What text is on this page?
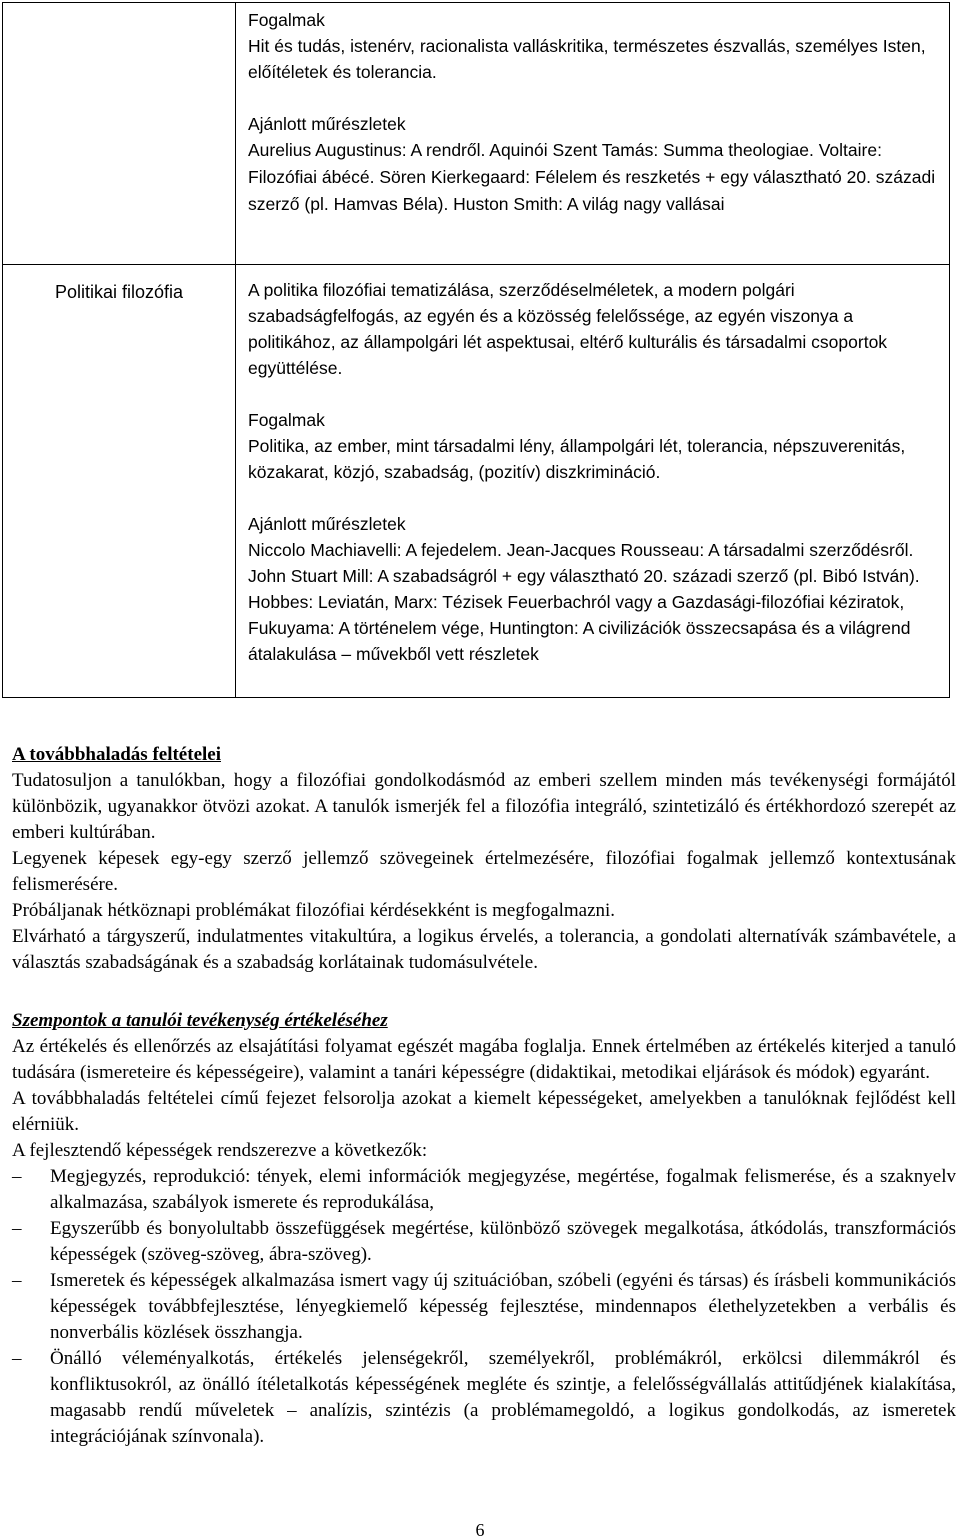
	Fogalmak
Hit és tudás, istenérv, racionalista valláskritika, természetes észvallás, személyes Isten, előítéletek és tolerancia.
Ajánlott műrészletek
Aurelius Augustinus: A rendről. Aquinói Szent Tamás: Summa theologiae. Voltaire: Filozófiai ábécé. Sören Kierkegaard: Félelem és reszketés + egy választható 20. századi szerző (pl. Hamvas Béla). Huston Smith: A világ nagy vallásai

Politikai filozófia	A politika filozófiai tematizálása, szerződéselméletek, a modern polgári szabadságfelfogás, az egyén és a közösség felelőssége, az egyén viszonya a politikához, az állampolgári lét aspektusai, eltérő kulturális és társadalmi csoportok együttélése.
Fogalmak
Politika, az ember, mint társadalmi lény, állampolgári lét, tolerancia, népszuverenitás, közakarat, közjó, szabadság, (pozitív) diszkrimináció.
Ajánlott műrészletek
Niccolo Machiavelli: A fejedelem. Jean-Jacques Rousseau: A társadalmi szerződésről. John Stuart Mill: A szabadságról + egy választható 20. századi szerző (pl. Bibó István). Hobbes: Leviatán, Marx: Tézisek Feuerbachról vagy a Gazdasági-filozófiai kéziratok, Fukuyama: A történelem vége, Huntington: A civilizációk összecsapása és a világrend átalakulása – művekből vett részletek
A továbbhaladás feltételei

Tudatosuljon a tanulókban, hogy a filozófiai gondolkodásmód az emberi szellem minden más tevékenységi formájától különbözik, ugyanakkor ötvözi azokat. A tanulók ismerjék fel a filozófia integráló, szintetizáló és értékhordozó szerepét az emberi kultúrában.

Legyenek képesek egy-egy szerző jellemző szövegeinek értelmezésére, filozófiai fogalmak jellemző kontextusának felismerésére.

Próbáljanak hétköznapi problémákat filozófiai kérdésekként is megfogalmazni.

Elvárható a tárgyszerű, indulatmentes vitakultúra, a logikus érvelés, a tolerancia, a gondolati alternatívák számbavétele, a választás szabadságának és a szabadság korlátainak tudomásulvétele.

Szempontok a tanulói tevékenység értékeléséhez

Az értékelés és ellenőrzés az elsajátítási folyamat egészét magába foglalja. Ennek értelmében az értékelés kiterjed a tanuló tudására (ismereteire és képességeire), valamint a tanári képességre (didaktikai, metodikai eljárások és módok) egyaránt.

A továbbhaladás feltételei című fejezet felsorolja azokat a kiemelt képességeket, amelyekben a tanulóknak fejlődést kell elérniük.

A fejlesztendő képességek rendszerezve a következők:

– Megjegyzés, reprodukció: tények, elemi információk megjegyzése, megértése, fogalmak felismerése, és a szaknyelv alkalmazása, szabályok ismerete és reprodukálása,
– Egyszerűbb és bonyolultabb összefüggések megértése, különböző szövegek megalkotása, átkódolás, transzformációs képességek (szöveg-szöveg, ábra-szöveg).
– Ismeretek és képességek alkalmazása ismert vagy új szituációban, szóbeli (egyéni és társas) és írásbeli kommunikációs képességek továbbfejlesztése, lényegkiemelő képesség fejlesztése, mindennapos élethelyzetekben a verbális és nonverbális közlések összhangja.
– Önálló véleményalkotás, értékelés jelenségekről, személyekről, problémákról, erkölcsi dilemmákról és konfliktusokról, az önálló ítéletalkotás képességének megléte és szintje, a felelősségvállalás attitűdjének kialakítása, magasabb rendű műveletek – analízis, szintézis (a problémamegoldó, a logikus gondolkodás, az ismeretek integrációjának színvonala).
6
